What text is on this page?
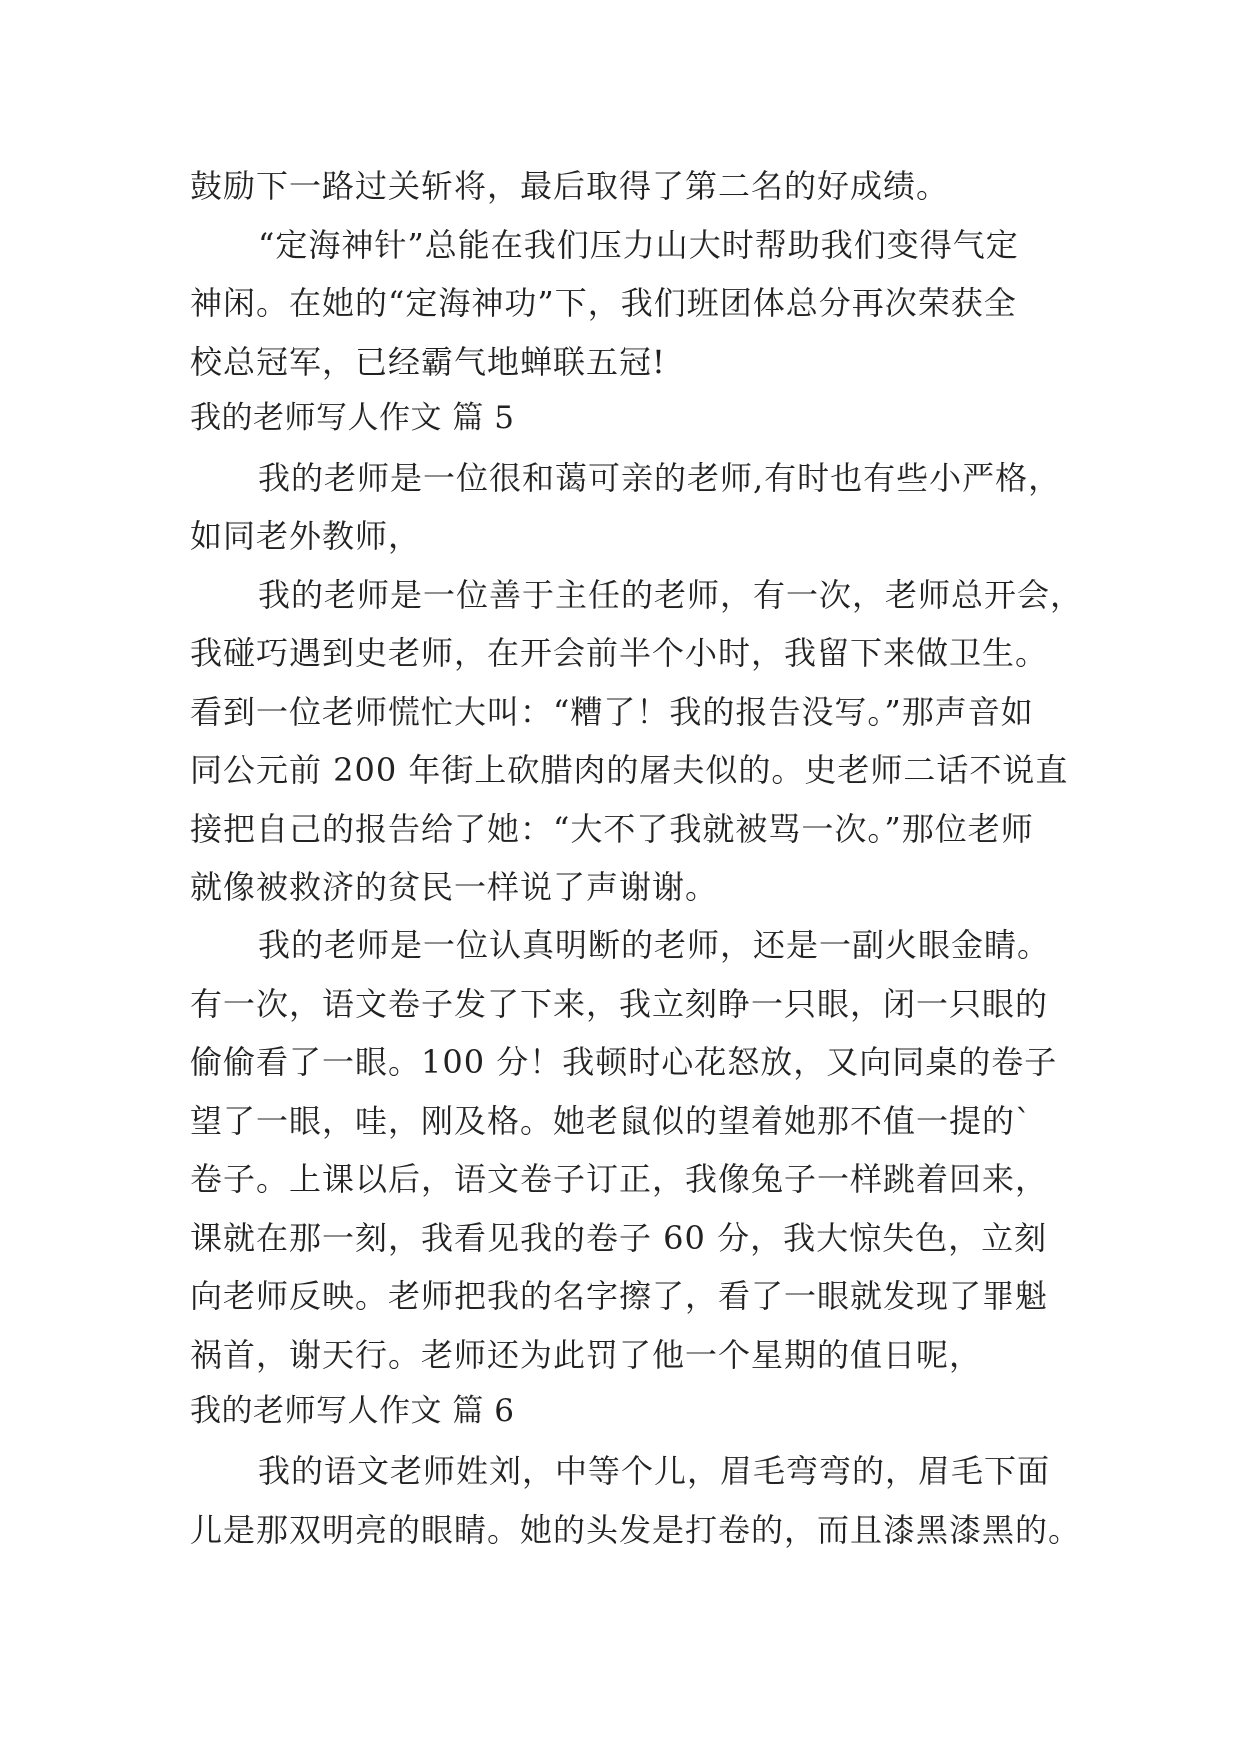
鼓励下一路过关斩将，最后取得了第二名的好成绩。
“定海神针”总能在我们压力山大时帮助我们变得气定
神闲。在她的“定海神功”下，我们班团体总分再次荣获全
校总冠军，已经霸气地蝉联五冠!
我的老师写人作文 篇 5
我的老师是一位很和蔼可亲的老师,有时也有些小严格，
如同老外教师，
我的老师是一位善于主任的老师，有一次，老师总开会，
我碰巧遇到史老师，在开会前半个小时，我留下来做卫生。
看到一位老师慌忙大叫：“糟了！我的报告没写。”那声音如
同公元前 200 年街上砍腊肉的屠夫似的。史老师二话不说直
接把自己的报告给了她：“大不了我就被骂一次。”那位老师
就像被救济的贫民一样说了声谢谢。
我的老师是一位认真明断的老师，还是一副火眼金睛。
有一次，语文卷子发了下来，我立刻睁一只眼，闭一只眼的
偷偷看了一眼。100 分！我顿时心花怒放，又向同桌的卷子
望了一眼，哇，刚及格。她老鼠似的望着她那不值一提的`
卷子。上课以后，语文卷子订正，我像兔子一样跳着回来，
课就在那一刻，我看见我的卷子 60 分，我大惊失色，立刻
向老师反映。老师把我的名字擦了，看了一眼就发现了罪魁
祸首，谢天行。老师还为此罚了他一个星期的值日呢，
我的老师写人作文 篇 6
我的语文老师姓刘，中等个儿，眉毛弯弯的，眉毛下面
儿是那双明亮的眼睛。她的头发是打卷的，而且漆黑漆黑的。
